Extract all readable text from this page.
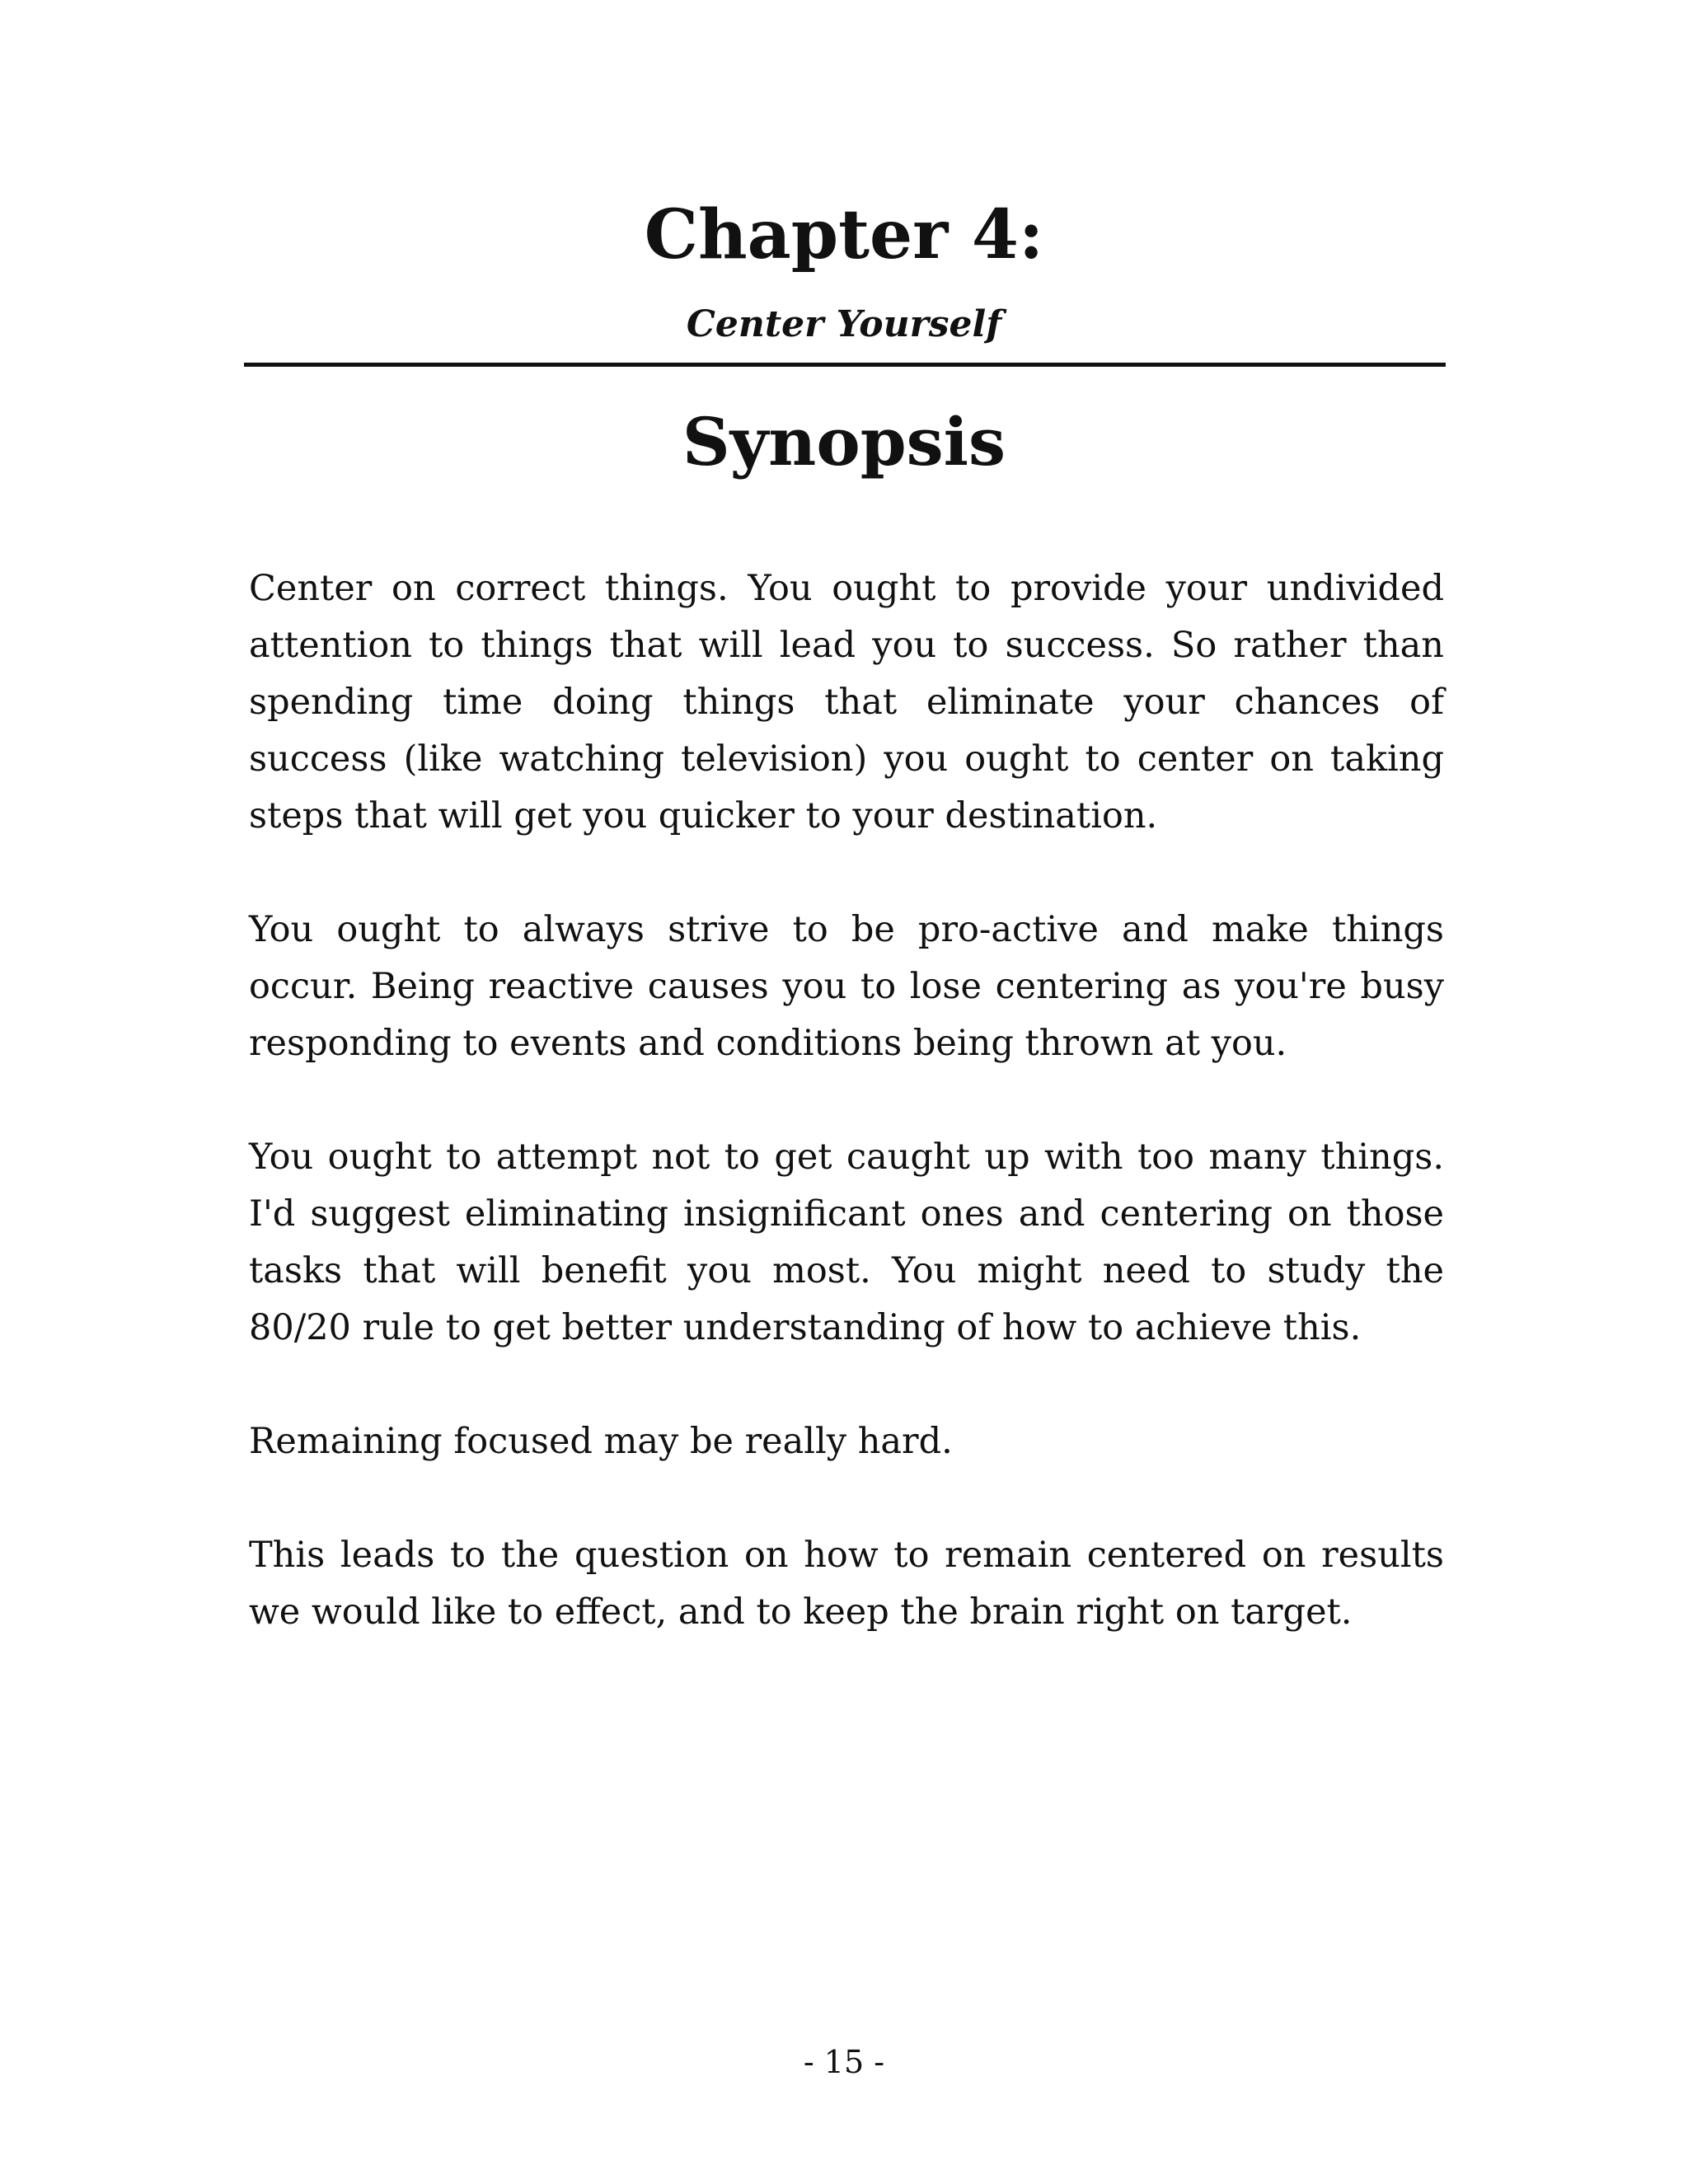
Chapter 4:
Center Yourself
Synopsis

Center on correct things. You ought to provide your undivided attention to things that will lead you to success. So rather than spending time doing things that eliminate your chances of success (like watching television) you ought to center on taking steps that will get you quicker to your destination.

You ought to always strive to be pro-active and make things occur. Being reactive causes you to lose centering as you're busy responding to events and conditions being thrown at you.

You ought to attempt not to get caught up with too many things. I'd suggest eliminating insignificant ones and centering on those tasks that will benefit you most. You might need to study the 80/20 rule to get better understanding of how to achieve this.

Remaining focused may be really hard.

This leads to the question on how to remain centered on results we would like to effect, and to keep the brain right on target.

- 15 -
